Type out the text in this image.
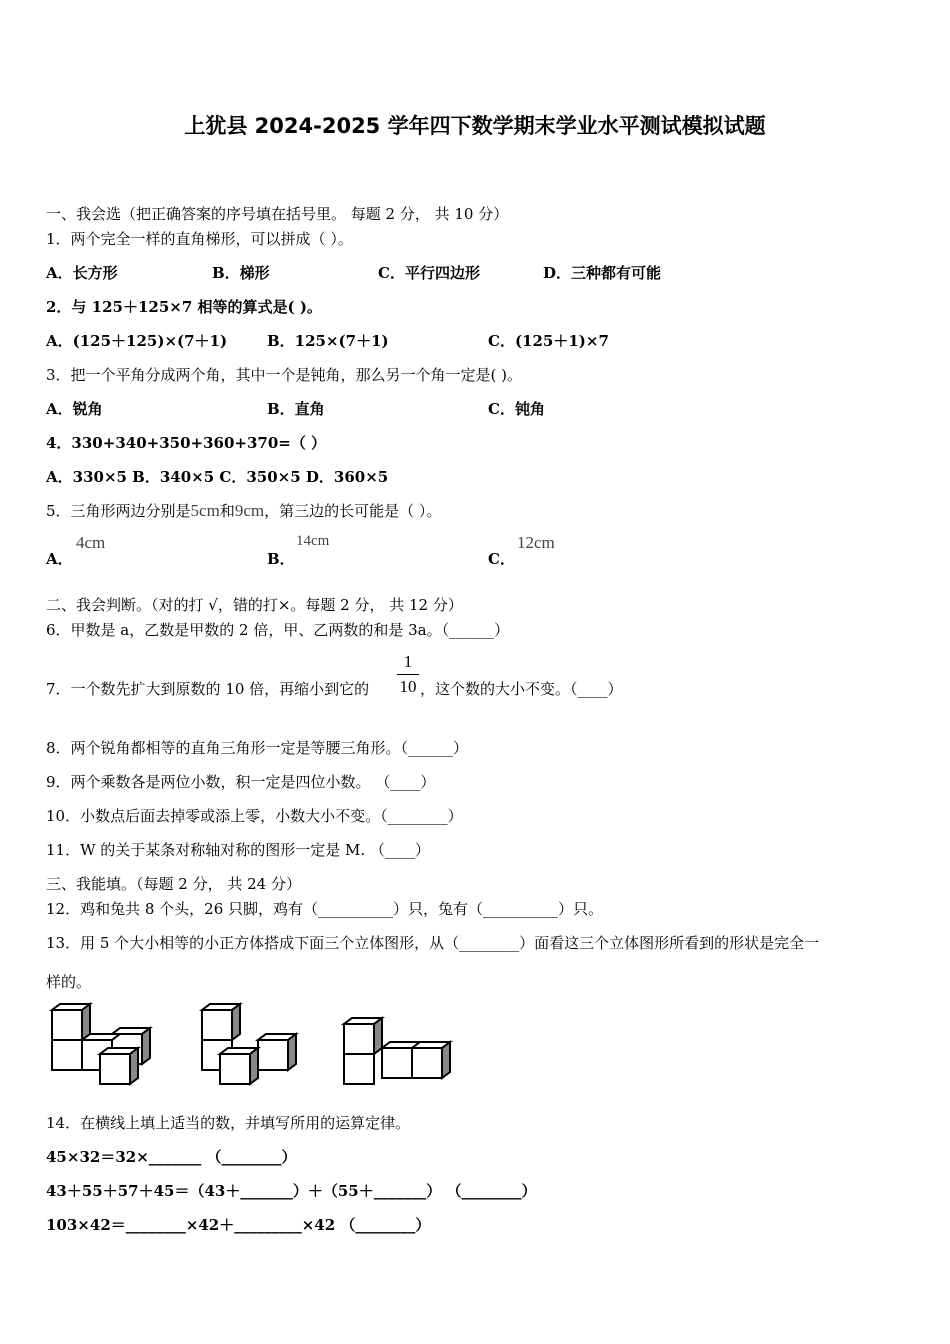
上犹县 2024-2025 学年四下数学期末学业水平测试模拟试题
一、我会选（把正确答案的序号填在括号里。 每题 2 分， 共 10 分）
1．两个完全一样的直角梯形，可以拼成（ ）。
A．长方形	B．梯形	C．平行四边形	D．三种都有可能
2．与 125＋125×7 相等的算式是( )。
A．(125＋125)×(7＋1)	B．125×(7＋1)	C．(125＋1)×7
3．把一个平角分成两个角，其中一个是钝角，那么另一个角一定是( )。
A．锐角	B．直角	C．钝角
4．330+340+350+360+370=（ ）
A．330×5 B．340×5 C．350×5 D．360×5
5．三角形两边分别是5cm和9cm，第三边的长可能是（ ）。
A．
4cm
B．
14cm
C．
12cm
二、我会判断。（对的打 √，错的打×。每题 2 分， 共 12 分）
6．甲数是 a，乙数是甲数的 2 倍，甲、乙两数的和是 3a。（______）
7．一个数先扩大到原数的 10 倍，再缩小到它的
1
10 ，这个数的大小不变。（____）
8．两个锐角都相等的直角三角形一定是等腰三角形。（______）
9．两个乘数各是两位小数，积一定是四位小数。 （____）
10．小数点后面去掉零或添上零，小数大小不变。（________）
11．W 的关于某条对称轴对称的图形一定是 M. （____）
三、我能填。（每题 2 分， 共 24 分）
12．鸡和兔共 8 个头，26 只脚，鸡有（__________）只，兔有（__________）只。
13．用 5 个大小相等的小正方体搭成下面三个立体图形，从（________）面看这三个立体图形所看到的形状是完全一
样的。
14．在横线上填上适当的数，并填写所用的运算定律。
45×32＝32×_______ （________）
43＋55＋57＋45＝（43＋_______）＋（55＋_______） （________）
103×42＝________×42＋_________×42 （________）
